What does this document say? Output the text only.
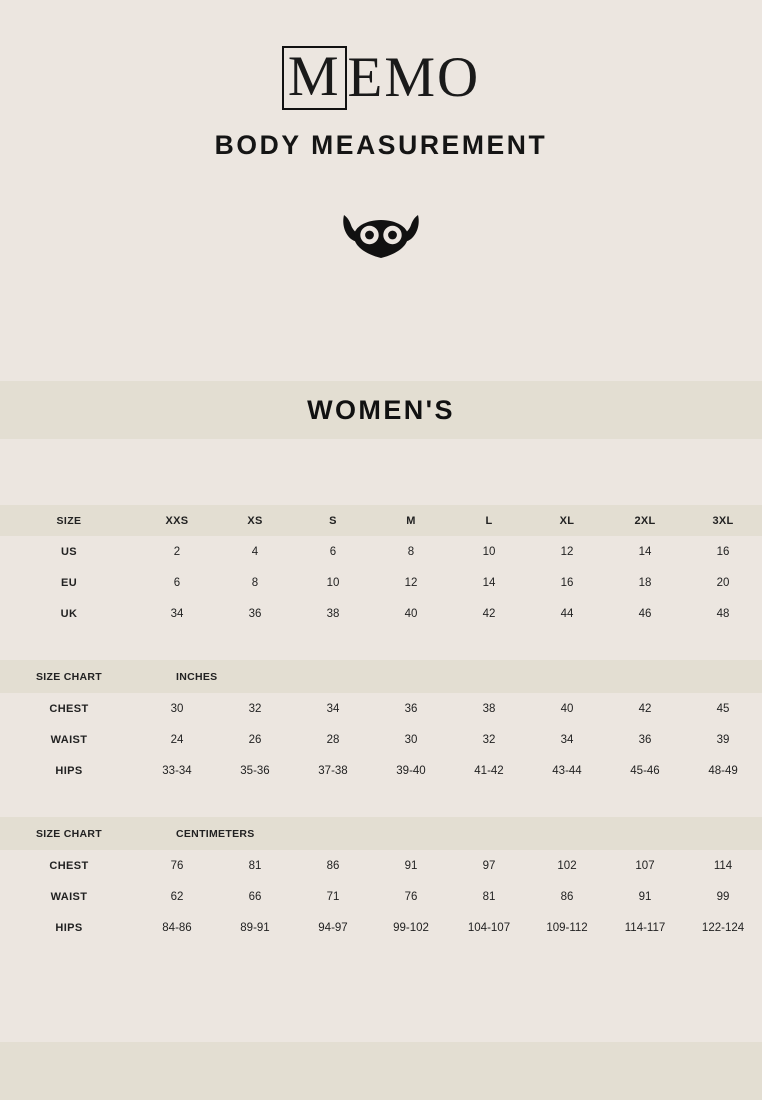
M EMO
BODY MEASUREMENT
WOMEN'S
SIZE	XXS	XS	S	M	L	XL	2XL	3XL
US	2	4	6	8	10	12	14	16
EU	6	8	10	12	14	16	18	20
UK	34	36	38	40	42	44	46	48
SIZE CHART	INCHES							
CHEST	30	32	34	36	38	40	42	45
WAIST	24	26	28	30	32	34	36	39
HIPS	33-34	35-36	37-38	39-40	41-42	43-44	45-46	48-49
SIZE CHART	CENTIMETERS							
CHEST	76	81	86	91	97	102	107	114
WAIST	62	66	71	76	81	86	91	99
HIPS	84-86	89-91	94-97	99-102	104-107	109-112	114-117	122-124
